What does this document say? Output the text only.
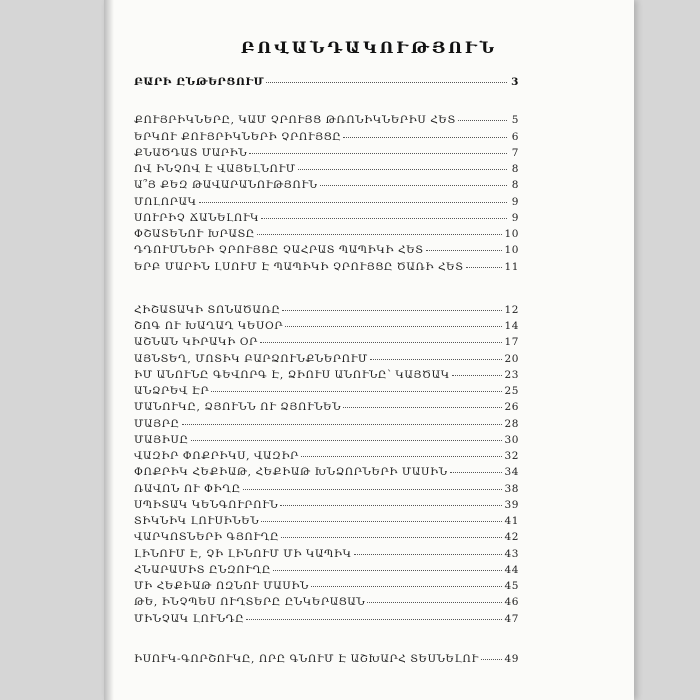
ԲՈՎԱՆԴԱԿՈՒԹՅՈՒՆ
ԲԱՐԻ ԸՆԹԵՐՑՈՒՄ	3
ՔՈՒՅՐԻԿՆԵՐԸ, ԿԱՄ ՉՐՈՒՅՑ ԹՌՈՆԻԿՆԵՐԻՍ ՀԵՏ	5
ԵՐԿՈՒ ՔՈՒՅՐԻԿՆԵՐԻ ՉՐՈՒՅՑԸ	6
ՔՆԱԾԴԱՏ ՄԱՐԻՆ	7
ՈՎ ԻՆՉՈՎ Է ՎԱՅԵԼՆՈՒՄ	8
Ա՞Յ ՔԵԶ ԹԱՎԱՐԱՆՈՒԹՅՈՒՆ	8
ՄՈԼՈՐԱԿ	9
ՍՈՒՐԻՉ ՃԱՆԵԼՈՒԿ	9
ՓՇԱՏԵՆՈՒ ԽՐԱՏԸ	10
ԴԴՈՒՄՆԵՐԻ ՉՐՈՒՅՑԸ ՉԱՀՐԱՏ ՊԱՊԻԿԻ ՀԵՏ	10
ԵՐԲ ՄԱՐԻՆ ԼՍՈՒՄ Է ՊԱՊԻԿԻ ՉՐՈՒՅՑԸ ԾԱՌԻ ՀԵՏ	11
ՀԻՇԱՏԱԿԻ ՏՈՆԱԾԱՌԸ	12
ՇՈԳ ՈՒ ԽԱՂԱՂ ԿԵՍՕՐ	14
ԱՇՆԱՆ ԿԻՐԱԿԻ ՕՐ	17
ԱՅՆՏԵՂ, ՄՈՏԻԿ ԲԱՐՁՈՒՆՔՆԵՐՈՒՄ	20
ԻՄ ԱՆՈՒՆԸ ԳԵՎՈՐԳ Է, ՁԻՈՒՍ ԱՆՈՒՆԸ՝ ԿԱՅԾԱԿ	23
ԱՆՁՐԵՎ ԷՐ	25
ՄԱՆՈՒԿԸ, ՁՅՈՒՆՆ ՈՒ ՁՅՈՒՆԵՆ	26
ՄԱՅՐԸ	28
ՄԱՅԻՍԸ	30
ՎԱԶԻՐ ՓՈՔՐԻԿՍ, ՎԱԶԻՐ	32
ՓՈՔՐԻԿ ՀԵՔԻԱԹ, ՀԵՔԻԱԹ ԽՆՁՈՐՆԵՐԻ ՄԱՍԻՆ	34
ՌԱՎՈՆ ՈՒ ՓԻՂԸ	38
ՍՊԻՏԱԿ ԿԵՆԳՈՒՐՈՒՆ	39
ՏԻԿՆԻԿ ԼՈՒՍԻՆԵՆ	41
ՎԱՐԿՈՏՆԵՐԻ ԳՅՈՒՂԸ	42
ԼԻՆՈՒՄ Է, ՉԻ ԼԻՆՈՒՄ ՄԻ ԿԱՊԻԿ	43
ՀՆԱՐԱՄԻՏ ԸՆԶՈՒՂԸ	44
ՄԻ ՀԵՔԻԱԹ ՈԶՆՈՒ ՄԱՍԻՆ	45
ԹԵ, ԻՆՉՊԵՍ ՈՒՂՏԵՐԸ ԸՆԿԵՐԱՑԱՆ	46
ՄԻՆՉԱԿ ԼՈՒՆԴԸ	47
ԻՍՈՒԿ-ԳՈՐՇՈՒԿԸ, ՈՐԸ ԳՆՈՒՄ Է ԱՇԽԱՐՀ ՏԵՍՆԵԼՈՒ 49
